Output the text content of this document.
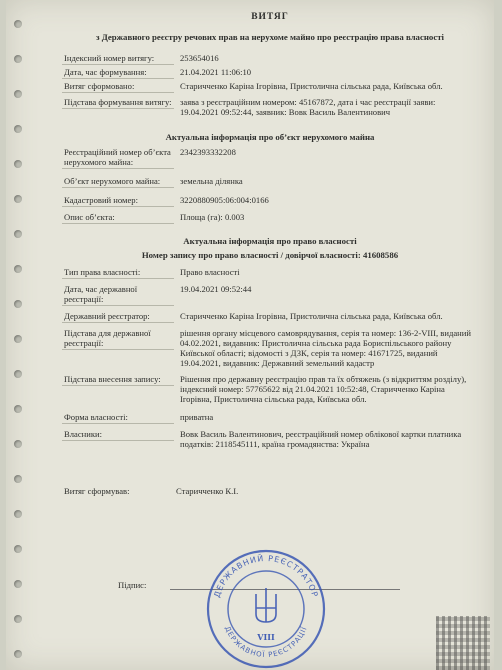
ВИТЯГ
з Державного реєстру речових прав на нерухоме майно про реєстрацію права власності
Індексний номер витягу:	253654016
Дата, час формування:	21.04.2021 11:06:10
Витяг сформовано:	Старичченко Каріна Ігорівна, Пристолична сільська рада, Київська обл.
Підстава формування витягу: заява з реєстраційним номером: 45167872, дата і час реєстрації заяви: 19.04.2021 09:52:44, заявник: Вовк Василь Валентинович
Актуальна інформація про об’єкт нерухомого майна
Реєстраційний номер об’єкта нерухомого майна:
2342393332208
Об’єкт нерухомого майна:	земельна ділянка
Кадастровий номер:	3220880905:06:004:0166
Опис об’єкта:	Площа (га): 0.003
Актуальна інформація про право власності
Номер запису про право власності / довірчої власності: 41608586
Тип права власності:	Право власності
Дата, час державної реєстрації:
19.04.2021 09:52:44
Державний реєстратор:	Старичченко Каріна Ігорівна, Пристолична сільська рада, Київська обл.
Підстава для державної реєстрації:
рішення органу місцевого самоврядування, серія та номер: 136-2-VIII, виданий 04.02.2021, видавник: Пристолична сільська рада Бориспільського району Київської області; відомості з ДЗК, серія та номер: 41671725, виданий 19.04.2021, видавник: Державний земельний кадастр
Підстава внесення запису:	Рішення про державну реєстрацію прав та їх обтяжень (з відкриттям розділу), індексний номер: 57765622 від 21.04.2021 10:52:48, Старичченко Каріна Ігорівна, Пристолична сільська рада, Київська обл.
Форма власності:	приватна
Власники:	Вовк Василь Валентинович, реєстраційний номер облікової картки платника податків: 2118545111, країна громадянства: Україна
Витяг сформував:	Старичченко К.І.
Підпис:
ДЕРЖАВНИЙ РЕЄСТРАТОР
ДЕРЖАВНОЇ РЕЄСТРАЦІЇ
VIII
